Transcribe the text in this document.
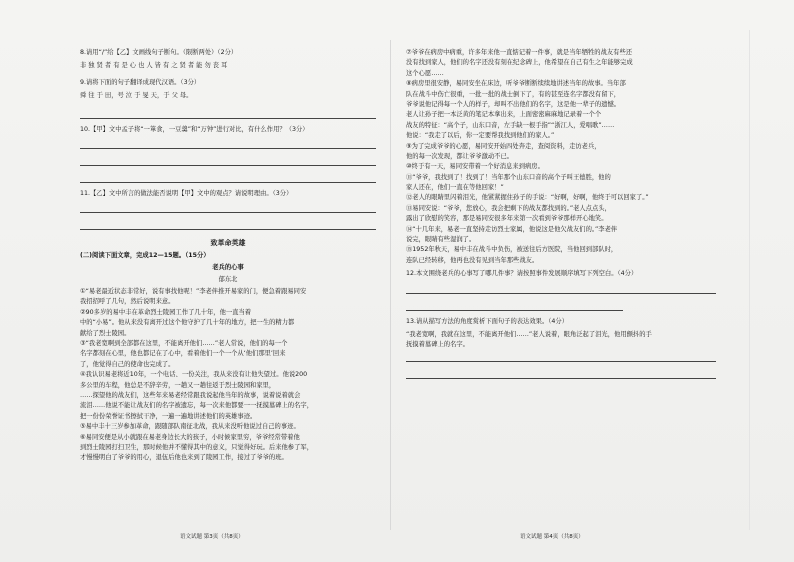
8.请用“/”给【乙】文画线句子断句。（限断两处）（2分）

非 独 贤 者 有 是 心 也 人 皆 有 之 贤 者 能 勿 丧 耳

9.请将下面的句子翻译成现代汉语。（3分）

舜 往 于 田，号 泣 于 旻 天，于 父 母。

10.【甲】文中孟子将“一箪食，一豆羹”和“万钟”进行对比，有什么作用？（3分）

11.【乙】文中所言的做法能否说明【甲】文中的观点？请说明理由。（3分）

致革命英雄
(二)阅读下面文章，完成12—15题。（15分）
老兵的心事
郁东北

①“易老最近状态非常好，说有事找他呢！”李老伴推开易家的门，便急着跟易同安
我招招呼了几句，然后说明来意。

②90多岁的易中丰在革命烈士陵园工作了几十年，他一直当着
中的“小易”。他从来没有离开过这个他守护了几十年的地方，把一生的精力都
献给了烈士陵园。

③“我老宽啊到全部都在这里，不能离开他们……”老人常说，他们的每一个
名字都刻在心里，他也都记在了心中，看着他们一个一个从‘他们那里’回来
了，他觉得自己的使命也完成了。

④我认识易老将近10年，一个电话、一份关注，我从来没有让他失望过。他说200
多公里的车程，他总是不辞辛劳，一趟又一趟往返于烈士陵园和家里，
……探望他的战友们，这些年来易老经常跟我说起他当年的故事，说着说着就会
流泪……他说不能让战友们的名字被遗忘，每一次来他都要一一抚摸墓碑上的名字，
把一份份荣誉证书擦拭干净，一遍一遍地讲述他们的英雄事迹。

⑤易中丰十三岁参加革命，跟随部队南征北战，我从来没听他说过自己的事迹。
⑥易同安便是从小就跟在易老身边长大的孩子，小时候家里穷，爷爷经常带着他
到烈士陵园打扫卫生，那时候他并不懂得其中的意义，只觉得好玩。后来他参了军，
才慢慢明白了爷爷的用心，退伍后他也来到了陵园工作，接过了爷爷的班。

⑦爷爷在病房中病重，许多年来他一直惦记着一件事，就是当年牺牲的战友有些还
没有找到家人，他们的名字还没有刻在纪念碑上，他希望在自己有生之年能够完成
这个心愿……

⑧病房里很安静，易同安坐在床边，听爷爷断断续续地讲述当年的故事。当年部
队在战斗中伤亡很重，一批一批的战士倒下了，有的甚至连名字都没有留下，
爷爷说他记得每一个人的样子，却叫不出他们的名字，这是他一辈子的遗憾。
老人让孙子把一本泛黄的笔记本拿出来，上面密密麻麻地记录着一个个
战友的特征：“高个子，山东口音，左手缺一根手指”“浙江人，爱唱歌”……
他说：“我走了以后，你一定要帮我找到他们的家人。”

⑨为了完成爷爷的心愿，易同安开始四处奔走，查阅资料，走访老兵，
他的每一次发现，都让爷爷激动不已。

⑩终于有一天，易同安带着一个好消息来到病房。

⑪“爷爷，我找到了！找到了！当年那个山东口音的高个子叫王德胜，他的
家人还在，他们一直在等他回家！”

⑫老人的眼睛里闪着泪光，他紧紧握住孙子的手说：“好啊，好啊，他终于可以回家了。”

⑬易同安说：“爷爷，您放心，我会把剩下的战友都找到的。”老人点点头，
露出了欣慰的笑容，那是易同安很多年来第一次看到爷爷那样开心地笑。

⑭“十几年来，易老一直坚持走访烈士家属，他说这是他欠战友们的。”李老伴
说完，眼睛有些湿润了。

⑮1952年秋天，易中丰在战斗中负伤，被送往后方医院，当他回到部队时，
连队已经转移，他再也没有见到当年那些战友。

12.本文围绕老兵的心事写了哪几件事？请按照事件发展顺序填写下列空白。（4分）

13.请从描写方法的角度赏析下面句子的表达效果。（4分）

“我老宽啊，我就在这里，不能离开他们……”老人说着，眼角泛起了泪光，他用颤抖的手
抚摸着墓碑上的名字。

语文试题 第3页（共8页）	语文试题 第4页（共8页）
